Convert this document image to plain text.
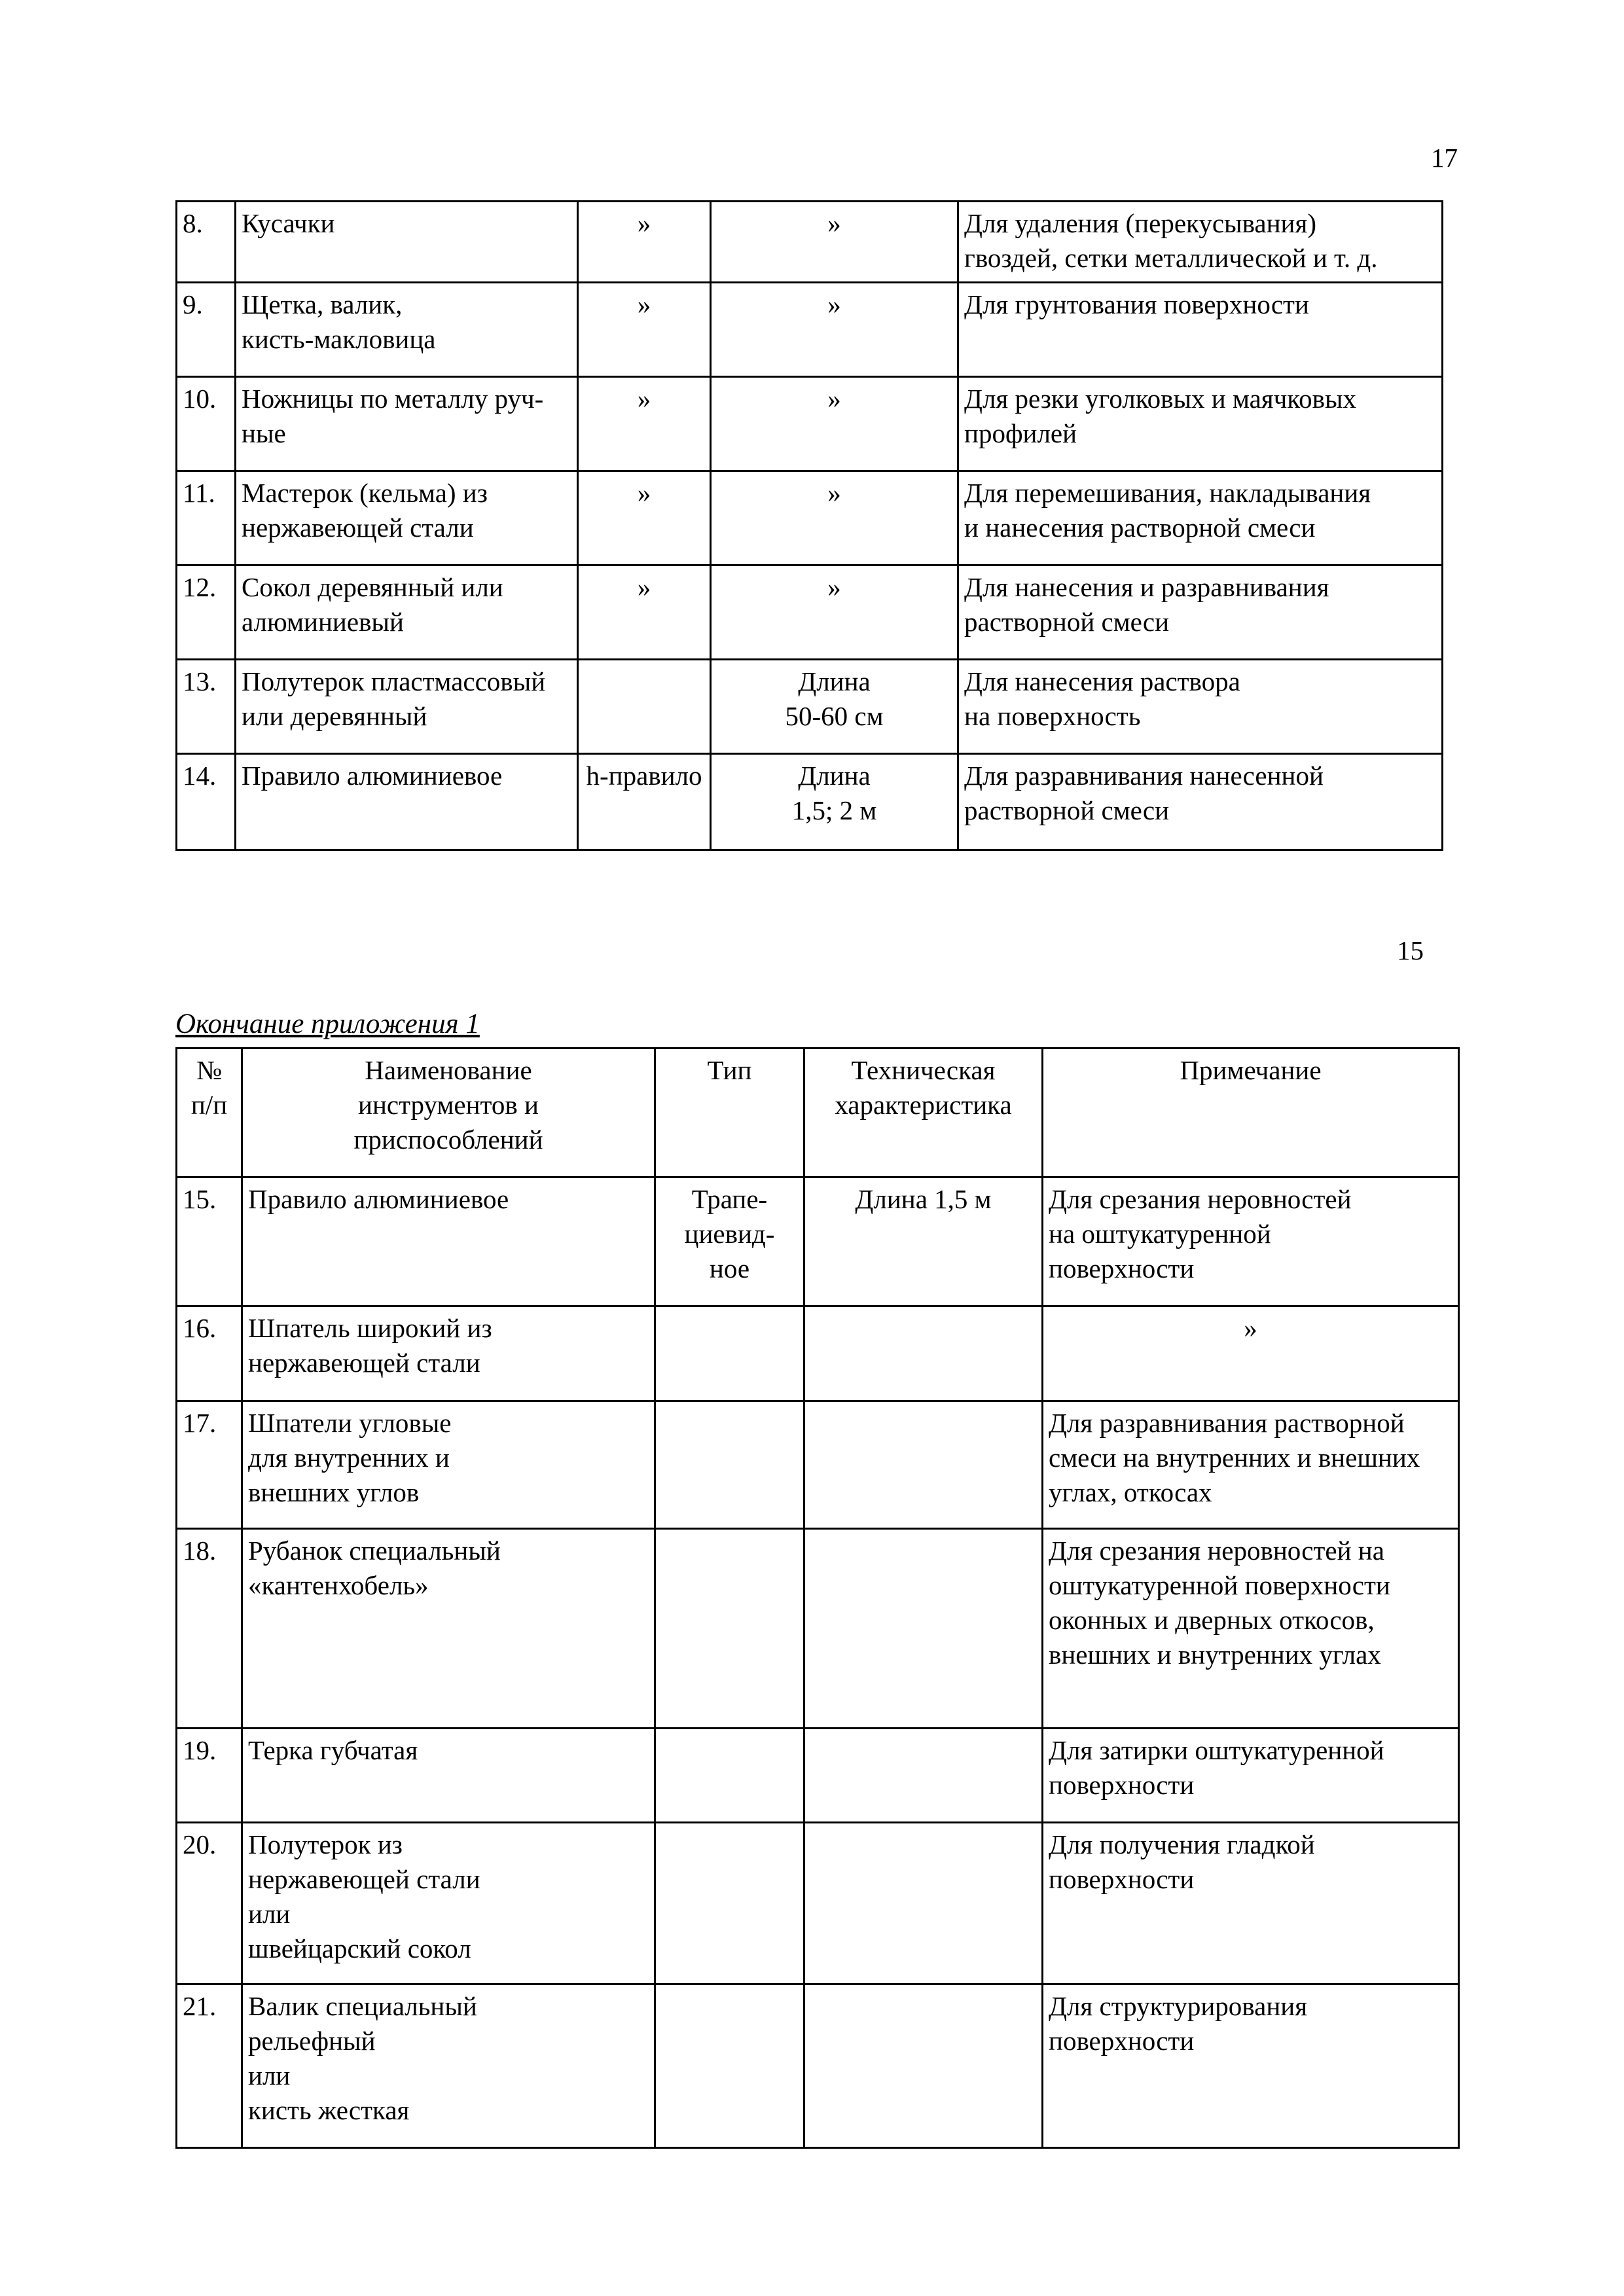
17
8.	Кусачки	»	»	Для удаления (перекусывания)
гвоздей, сетки металлической и т. д.
9.	Щетка, валик,
кисть-макловица	»	»	Для грунтования поверхности
10.	Ножницы по металлу руч-
ные	»	»	Для резки уголковых и маячковых
профилей
11.	Мастерок (кельма) из
нержавеющей стали	»	»	Для перемешивания, накладывания
и нанесения растворной смеси
12.	Сокол деревянный или
алюминиевый	»	»	Для нанесения и разравнивания
растворной смеси
13.	Полутерок пластмассовый
или деревянный		Длина
50-60 см	Для нанесения раствора
на поверхность
14.	Правило алюминиевое	h-правило	Длина
1,5; 2 м	Для разравнивания нанесенной
растворной смеси
15
Окончание приложения 1
№
п/п	Наименование
инструментов и
приспособлений	Тип	Техническая
характеристика	Примечание
15.	Правило алюминиевое	Трапе-
циевид-
ное	Длина 1,5 м	Для срезания неровностей
на оштукатуренной
поверхности
16.	Шпатель широкий из
нержавеющей стали			»
17.	Шпатели угловые
для внутренних и
внешних углов			Для разравнивания растворной
смеси на внутренних и внешних
углах, откосах
18.	Рубанок специальный
«кантенхобель»			Для срезания неровностей на
оштукатуренной поверхности
оконных и дверных откосов,
внешних и внутренних углах
19.	Терка губчатая			Для затирки оштукатуренной
поверхности
20.	Полутерок из
нержавеющей стали
или
швейцарский сокол			Для получения гладкой
поверхности
21.	Валик специальный
рельефный
или
кисть жесткая			Для структурирования
поверхности
